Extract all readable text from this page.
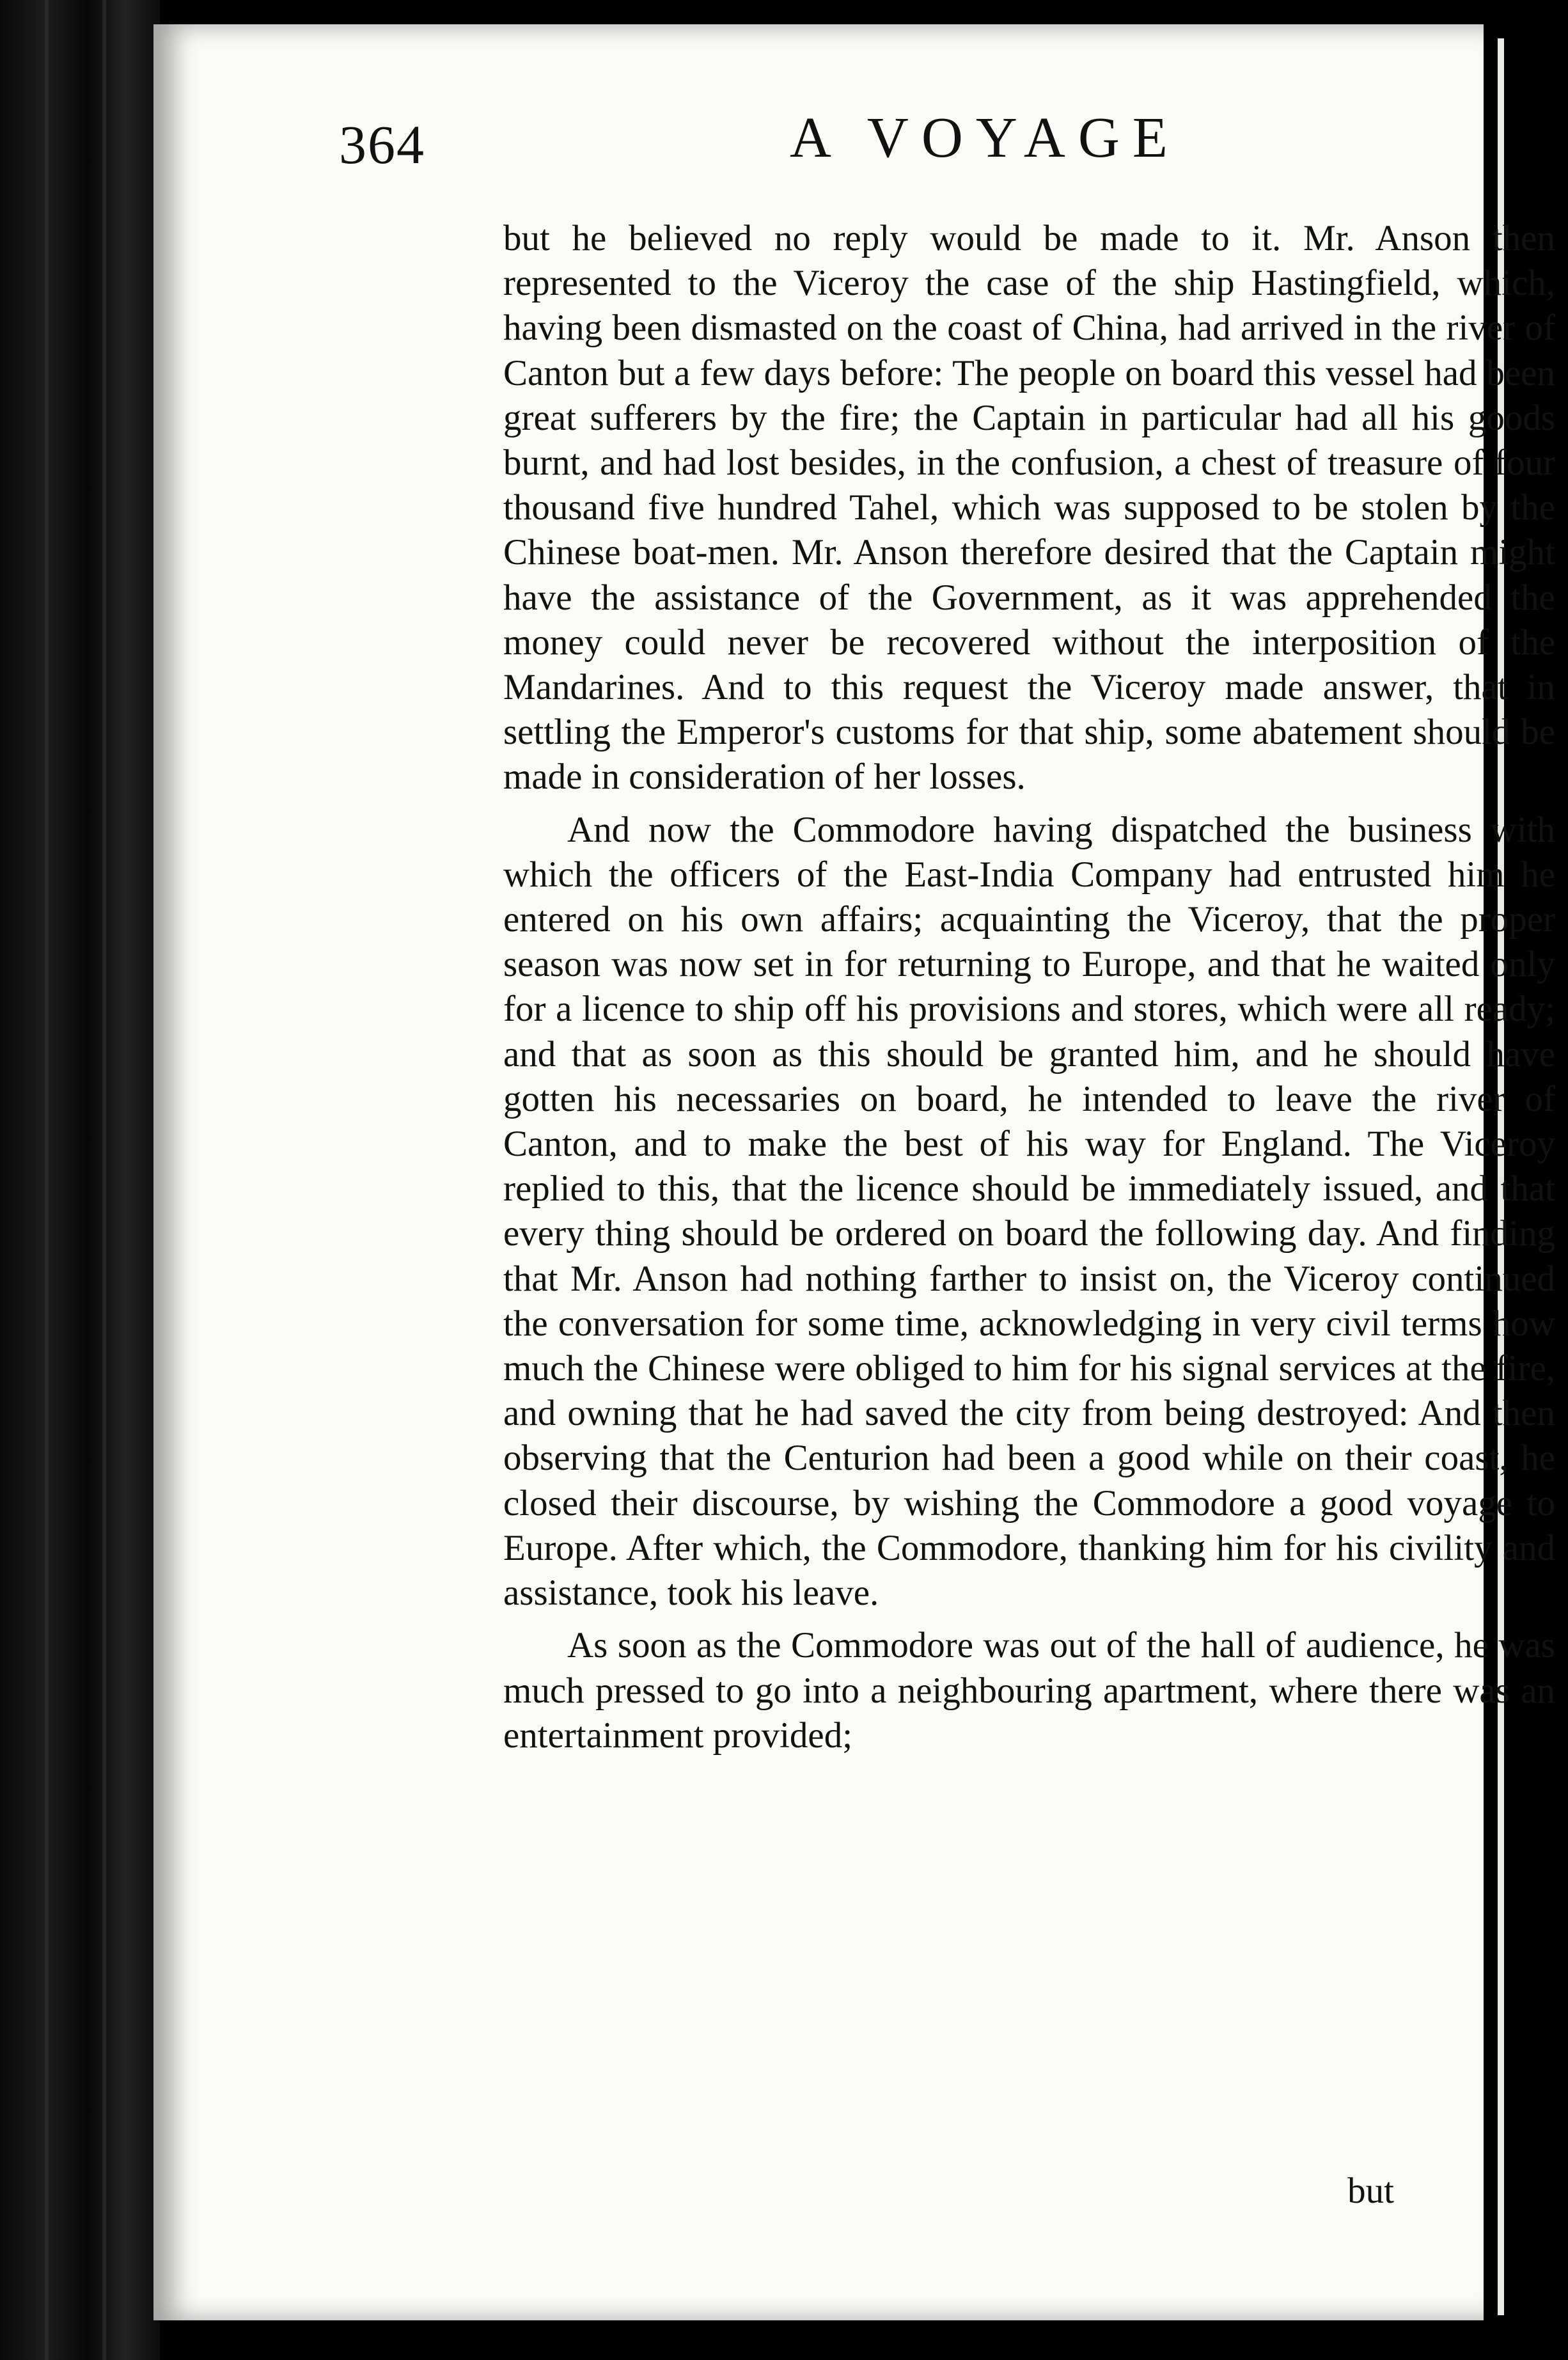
364	A VOYAGE

but he believed no reply would be made to it. Mr. Anson then represented to the Viceroy the case of the ship Hastingfield, which, having been dismasted on the coast of China, had arrived in the river of Canton but a few days before: The people on board this vessel had been great sufferers by the fire; the Captain in particular had all his goods burnt, and had lost besides, in the confusion, a chest of treasure of four thousand five hundred Tahel, which was supposed to be stolen by the Chinese boat-men. Mr. Anson therefore desired that the Captain might have the assistance of the Government, as it was apprehended the money could never be recovered without the interposition of the Mandarines. And to this request the Viceroy made answer, that in settling the Emperor's customs for that ship, some abatement should be made in consideration of her losses.

And now the Commodore having dispatched the business with which the officers of the East-India Company had entrusted him he entered on his own affairs; acquainting the Viceroy, that the proper season was now set in for returning to Europe, and that he waited only for a licence to ship off his provisions and stores, which were all ready; and that as soon as this should be granted him, and he should have gotten his necessaries on board, he intended to leave the river of Canton, and to make the best of his way for England. The Viceroy replied to this, that the licence should be immediately issued, and that every thing should be ordered on board the following day. And finding that Mr. Anson had nothing farther to insist on, the Viceroy continued the conversation for some time, acknowledging in very civil terms how much the Chinese were obliged to him for his signal services at the fire, and owning that he had saved the city from being destroyed: And then observing that the Centurion had been a good while on their coast, he closed their discourse, by wishing the Commodore a good voyage to Europe. After which, the Commodore, thanking him for his civility and assistance, took his leave.

As soon as the Commodore was out of the hall of audience, he was much pressed to go into a neighbouring apartment, where there was an entertainment provided;

but
